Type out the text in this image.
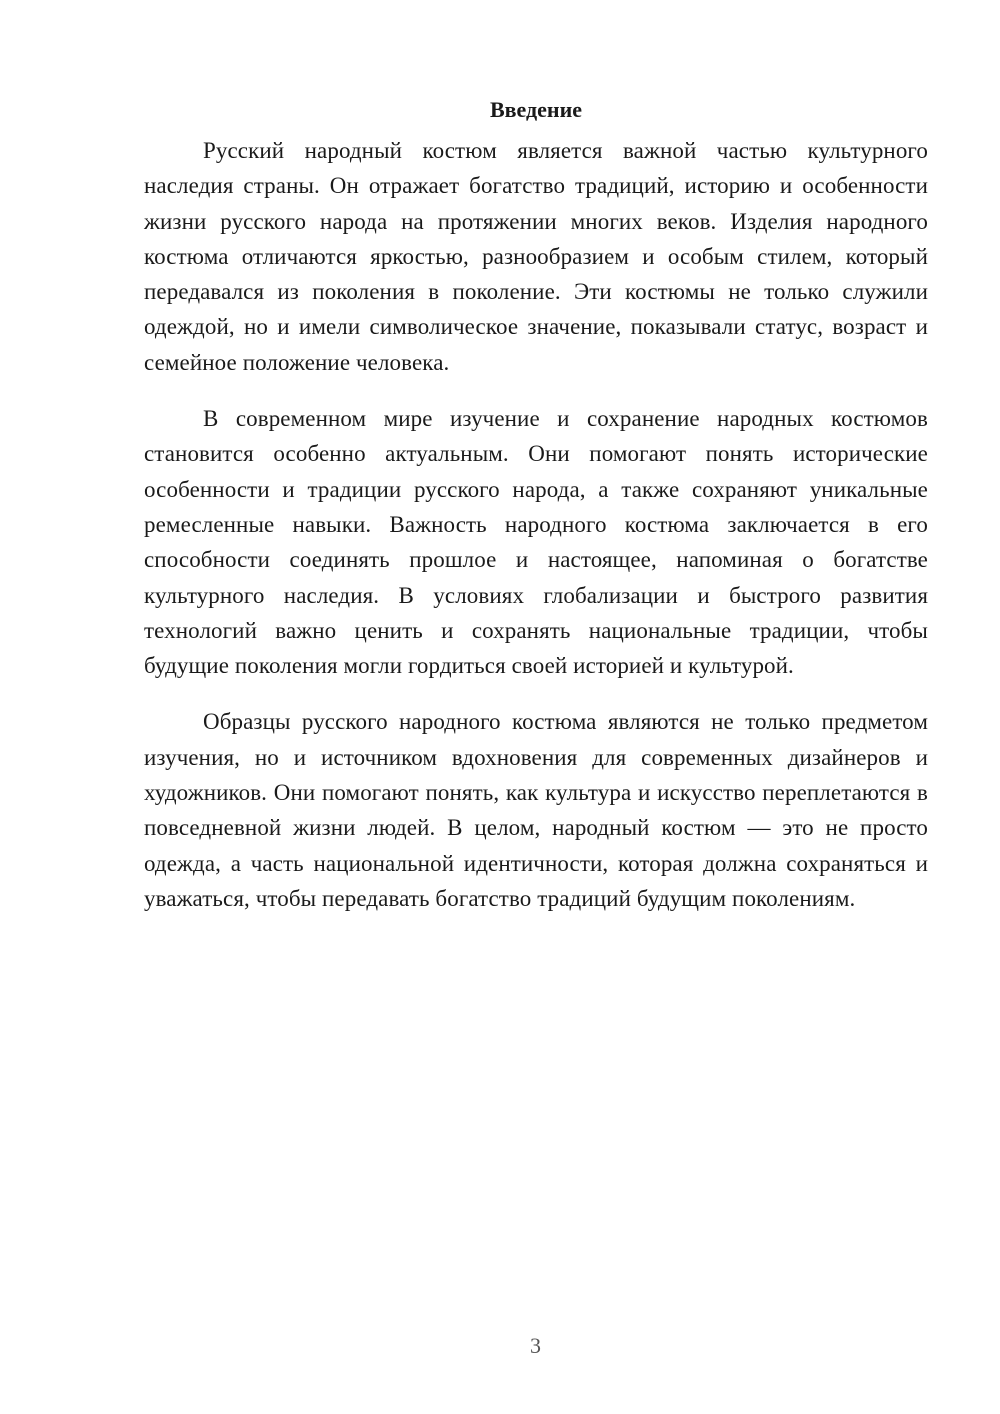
Введение

Русский народный костюм является важной частью культурного наследия страны. Он отражает богатство традиций, историю и особенности жизни русского народа на протяжении многих веков. Изделия народного костюма отличаются яркостью, разнообразием и особым стилем, который передавался из поколения в поколение. Эти костюмы не только служили одеждой, но и имели символическое значение, показывали статус, возраст и семейное положение человека.

В современном мире изучение и сохранение народных костюмов становится особенно актуальным. Они помогают понять исторические особенности и традиции русского народа, а также сохраняют уникальные ремесленные навыки. Важность народного костюма заключается в его способности соединять прошлое и настоящее, напоминая о богатстве культурного наследия. В условиях глобализации и быстрого развития технологий важно ценить и сохранять национальные традиции, чтобы будущие поколения могли гордиться своей историей и культурой.

Образцы русского народного костюма являются не только предметом изучения, но и источником вдохновения для современных дизайнеров и художников. Они помогают понять, как культура и искусство переплетаются в повседневной жизни людей. В целом, народный костюм — это не просто одежда, а часть национальной идентичности, которая должна сохраняться и уважаться, чтобы передавать богатство традиций будущим поколениям.

3
